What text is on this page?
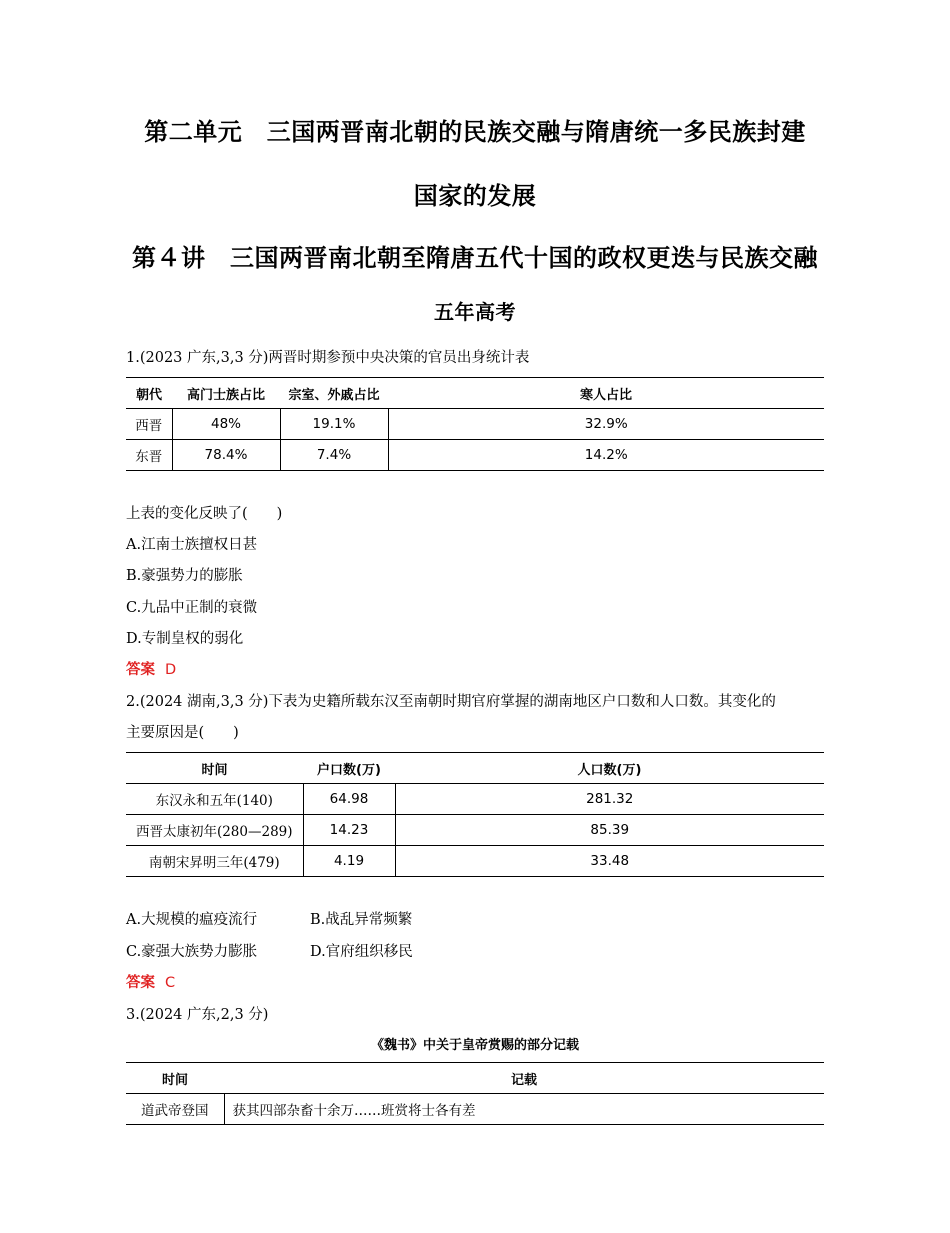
第二单元　三国两晋南北朝的民族交融与隋唐统一多民族封建
国家的发展
第４讲　三国两晋南北朝至隋唐五代十国的政权更迭与民族交融
五年高考
1.(2023 广东,3,3 分)两晋时期参预中央决策的官员出身统计表
朝代	高门士族占比	宗室、外戚占比	寒人占比
西晋	48%	19.1%	32.9%
东晋	78.4%	7.4%	14.2%
上表的变化反映了(　　)
A.江南士族擅权日甚
B.豪强势力的膨胀
C.九品中正制的衰微
D.专制皇权的弱化
答案 D
2.(2024 湖南,3,3 分)下表为史籍所载东汉至南朝时期官府掌握的湖南地区户口数和人口数。其变化的
主要原因是(　　)
时间	户口数(万)	人口数(万)
东汉永和五年(140)	64.98	281.32
西晋太康初年(280—289)	14.23	85.39
南朝宋昇明三年(479)	4.19	33.48
A.大规模的瘟疫流行	B.战乱异常频繁
C.豪强大族势力膨胀	D.官府组织移民
答案 C
3.(2024 广东,2,3 分)
《魏书》中关于皇帝赏赐的部分记载
时间	记载
道武帝登国	获其四部杂畜十余万……班赏将士各有差
